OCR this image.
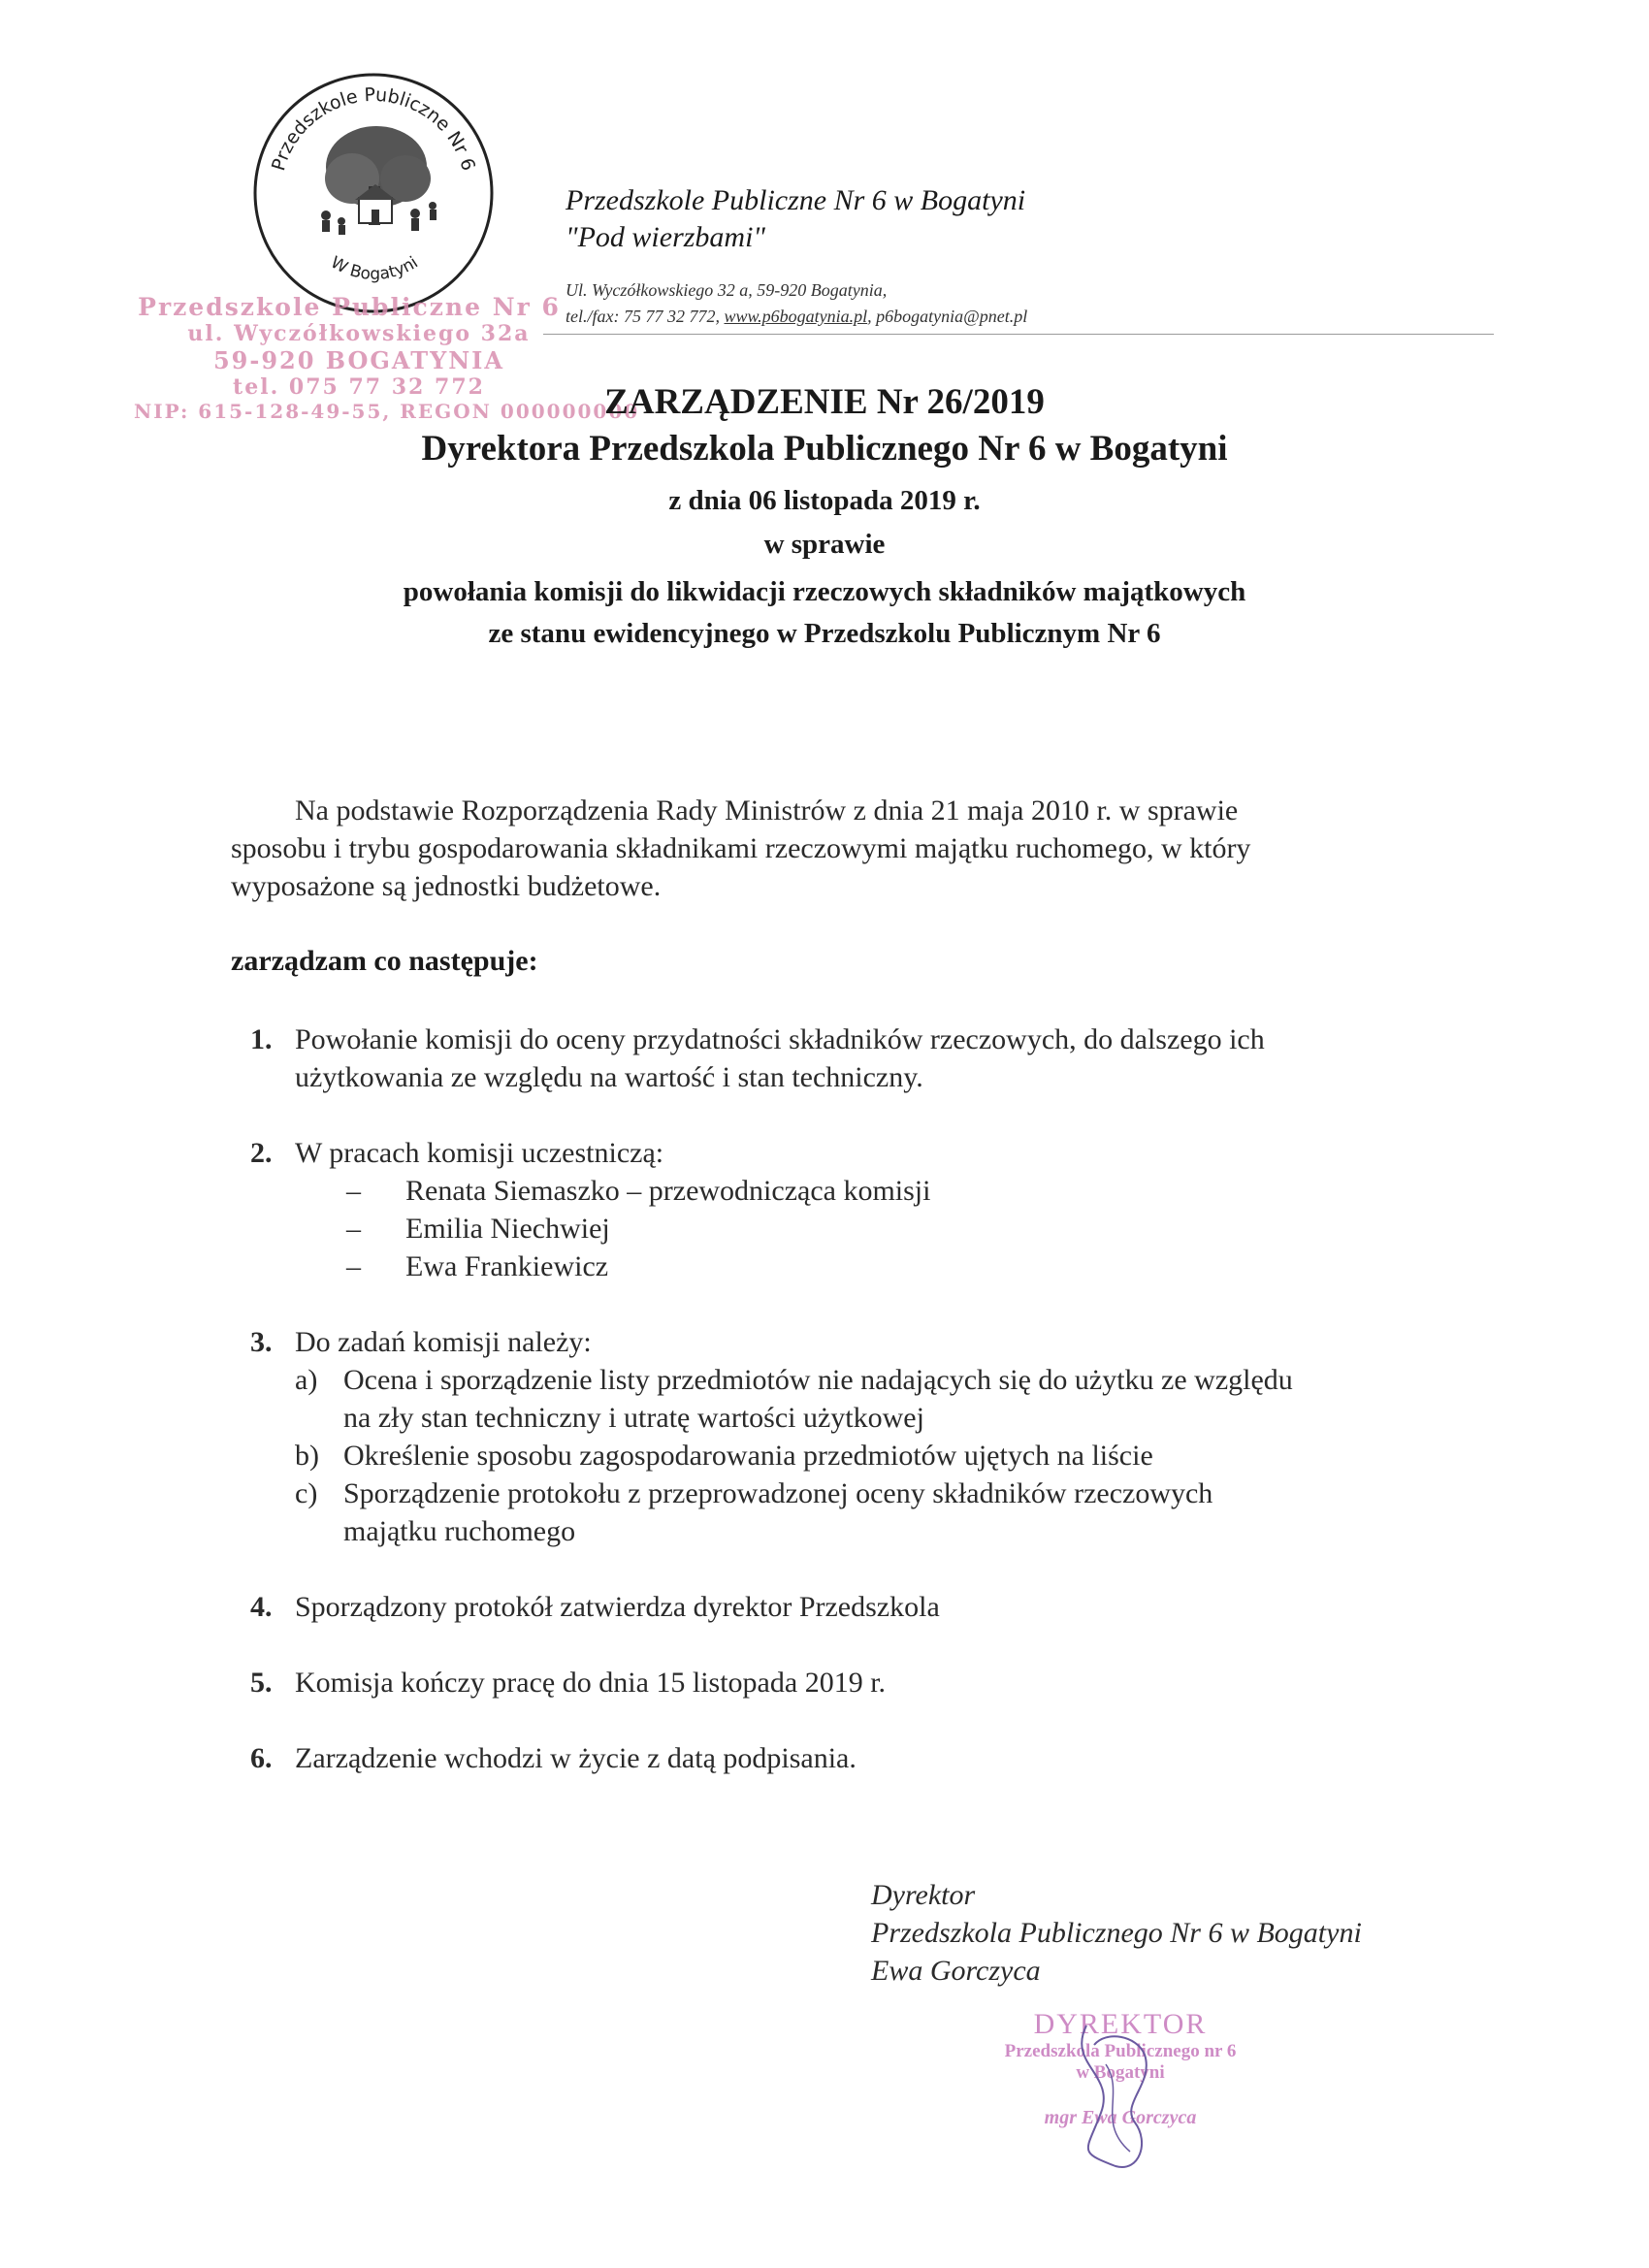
Przedszkole Publiczne Nr 6
W Bogatyni
Przedszkole Publiczne Nr 6
ul. Wyczółkowskiego 32a
59-920 BOGATYNIA
tel. 075 77 32 772
NIP: 615-128-49-55, REGON 000000000
Przedszkole Publiczne Nr 6 w Bogatyni
"Pod wierzbami"
Ul. Wyczółkowskiego 32 a, 59-920 Bogatynia,
tel./fax: 75 77 32 772, www.p6bogatynia.pl, p6bogatynia@pnet.pl
ZARZĄDZENIE Nr 26/2019
Dyrektora Przedszkola Publicznego Nr 6 w Bogatyni
z dnia 06 listopada 2019 r.
w sprawie
powołania komisji do likwidacji rzeczowych składników majątkowych
ze stanu ewidencyjnego w Przedszkolu Publicznym Nr 6
Na podstawie Rozporządzenia Rady Ministrów z dnia 21 maja 2010 r. w sprawie
sposobu i trybu gospodarowania składnikami rzeczowymi majątku ruchomego, w który
wyposażone są jednostki budżetowe.
zarządzam co następuje:
1. Powołanie komisji do oceny przydatności składników rzeczowych, do dalszego ich
użytkowania ze względu na wartość i stan techniczny.
2. W pracach komisji uczestniczą:
– Renata Siemaszko – przewodnicząca komisji
– Emilia Niechwiej
– Ewa Frankiewicz
3. Do zadań komisji należy:
a) Ocena i sporządzenie listy przedmiotów nie nadających się do użytku ze względu
na zły stan techniczny i utratę wartości użytkowej
b) Określenie sposobu zagospodarowania przedmiotów ujętych na liście
c) Sporządzenie protokołu z przeprowadzonej oceny składników rzeczowych
majątku ruchomego
4. Sporządzony protokół zatwierdza dyrektor Przedszkola
5. Komisja kończy pracę do dnia 15 listopada 2019 r.
6. Zarządzenie wchodzi w życie z datą podpisania.
Dyrektor
Przedszkola Publicznego Nr 6 w Bogatyni
Ewa Gorczyca
DYREKTOR
Przedszkola Publicznego nr 6
w Bogatyni
mgr Ewa Gorczyca
